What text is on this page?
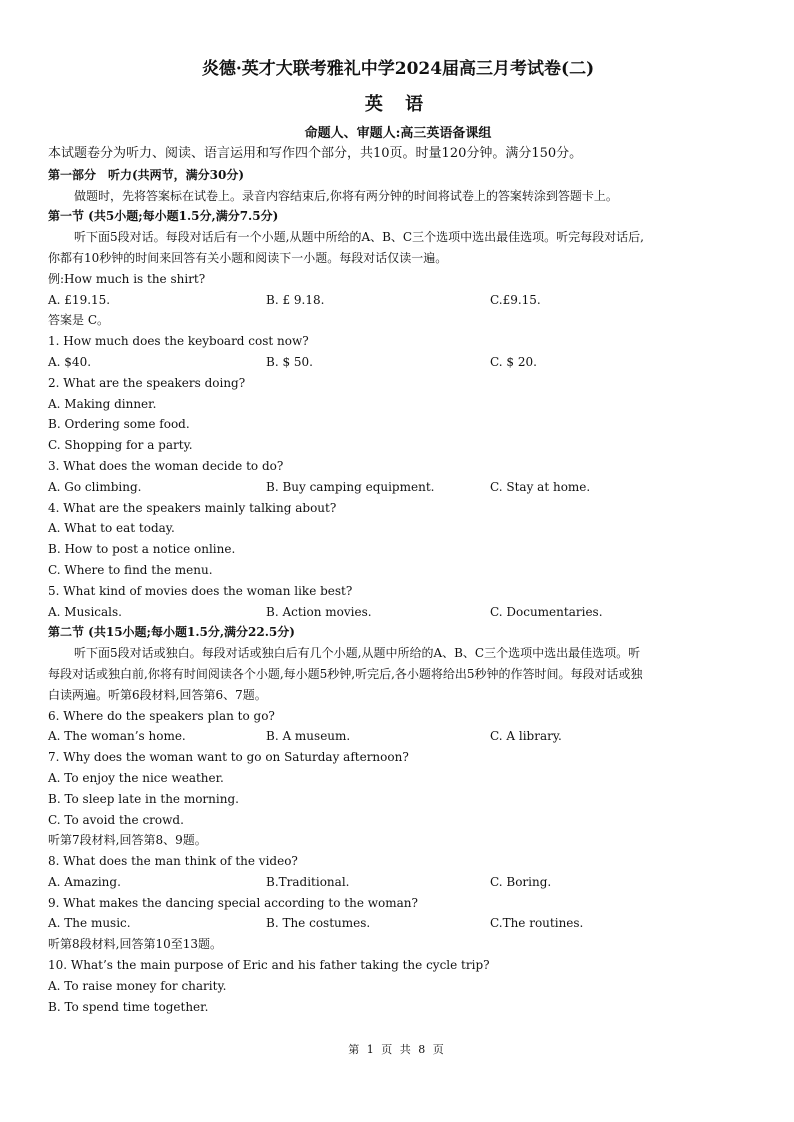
炎德·英才大联考雅礼中学2024届高三月考试卷(二)
英 语
命题人、审题人:高三英语备课组
本试题卷分为听力、阅读、语言运用和写作四个部分，共10页。时量120分钟。满分150分。
第一部分　听力(共两节，满分30分)
做题时，先将答案标在试卷上。录音内容结束后,你将有两分钟的时间将试卷上的答案转涂到答题卡上。
第一节 (共5小题;每小题1.5分,满分7.5分)
听下面5段对话。每段对话后有一个小题,从题中所给的A、B、C三个选项中选出最佳选项。听完每段对话后,
你都有10秒钟的时间来回答有关小题和阅读下一小题。每段对话仅读一遍。
例:How much is the shirt?
A. £19.15.	B. £ 9.18.	C.£9.15.
答案是 C。
1. How much does the keyboard cost now?
A. $40.	B. $ 50.	C. $ 20.
2. What are the speakers doing?
A. Making dinner.
B. Ordering some food.
C. Shopping for a party.
3. What does the woman decide to do?
A. Go climbing.	B. Buy camping equipment.	C. Stay at home.
4. What are the speakers mainly talking about?
A. What to eat today.
B. How to post a notice online.
C. Where to find the menu.
5. What kind of movies does the woman like best?
A. Musicals.	B. Action movies.	C. Documentaries.
第二节 (共15小题;每小题1.5分,满分22.5分)
听下面5段对话或独白。每段对话或独白后有几个小题,从题中所给的A、B、C三个选项中选出最佳选项。听
每段对话或独白前,你将有时间阅读各个小题,每小题5秒钟,听完后,各小题将给出5秒钟的作答时间。每段对话或独
白读两遍。听第6段材料,回答第6、7题。
6. Where do the speakers plan to go?
A. The woman’s home.	B. A museum.	C. A library.
7. Why does the woman want to go on Saturday afternoon?
A. To enjoy the nice weather.
B. To sleep late in the morning.
C. To avoid the crowd.
听第7段材料,回答第8、9题。
8. What does the man think of the video?
A. Amazing.	B.Traditional.	C. Boring.
9. What makes the dancing special according to the woman?
A. The music.	B. The costumes.	C.The routines.
听第8段材料,回答第10至13题。
10. What’s the main purpose of Eric and his father taking the cycle trip?
A. To raise money for charity.
B. To spend time together.
第 1 页 共 8 页
